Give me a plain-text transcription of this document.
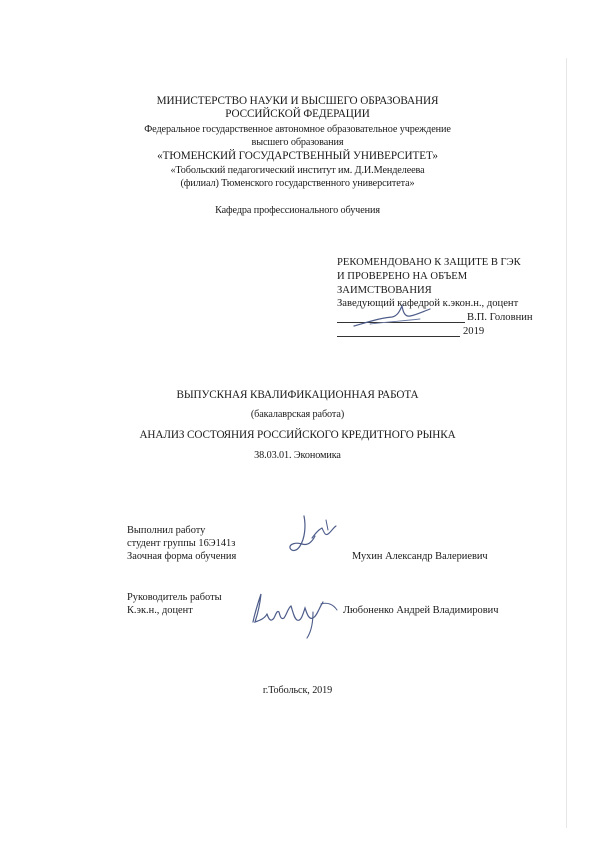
МИНИСТЕРСТВО НАУКИ И ВЫСШЕГО ОБРАЗОВАНИЯ
РОССИЙСКОЙ ФЕДЕРАЦИИ
Федеральное государственное автономное образовательное учреждение
высшего образования
«ТЮМЕНСКИЙ ГОСУДАРСТВЕННЫЙ УНИВЕРСИТЕТ»
«Тобольский педагогический институт им. Д.И.Менделеева
(филиал) Тюменского государственного университета»
Кафедра профессионального обучения
РЕКОМЕНДОВАНО К ЗАЩИТЕ В ГЭК
И ПРОВЕРЕНО НА ОБЪЕМ
ЗАИМСТВОВАНИЯ
Заведующий кафедрой к.экон.н., доцент
В.П. Головнин
2019
ВЫПУСКНАЯ КВАЛИФИКАЦИОННАЯ РАБОТА
(бакалаврская работа)
АНАЛИЗ СОСТОЯНИЯ РОССИЙСКОГО КРЕДИТНОГО РЫНКА
38.03.01. Экономика
Выполнил работу
студент группы 16Э141з
Заочная форма обучения	Мухин Александр Валериевич
Руководитель работы
К.эк.н., доцент	Любоненко Андрей Владимирович
г.Тобольск, 2019
